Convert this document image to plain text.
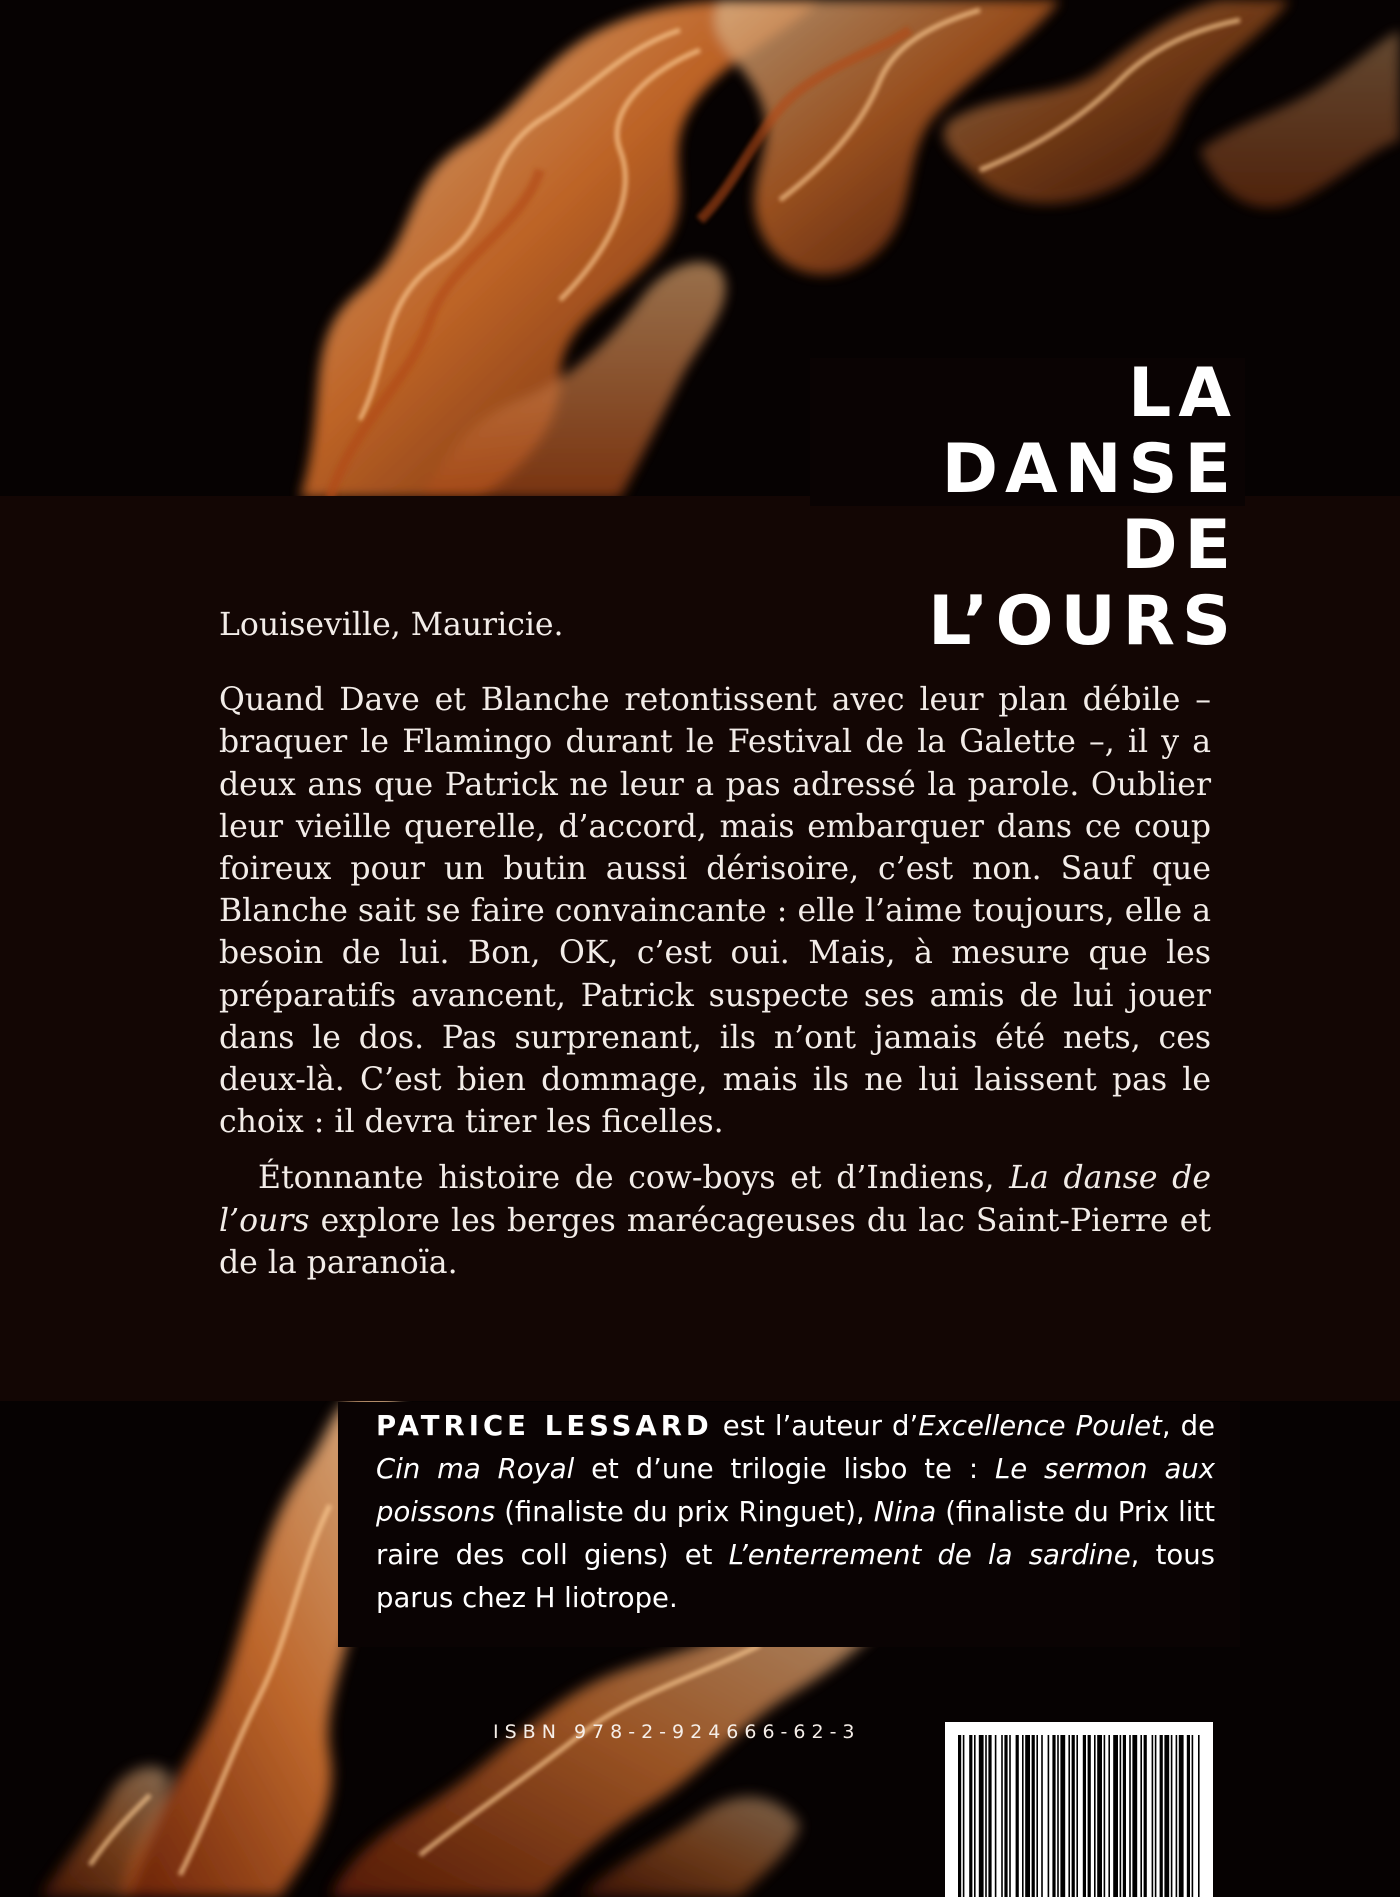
LA DANSE
DE L’OURS

Louiseville, Mauricie.

Quand Dave et Blanche retontissent avec leur plan débile – braquer le Flamingo durant le Festival de la Galette –, il y a deux ans que Patrick ne leur a pas adressé la parole. Oublier leur vieille querelle, d’accord, mais embarquer dans ce coup foireux pour un butin aussi dérisoire, c’est non. Sauf que Blanche sait se faire convaincante : elle l’aime toujours, elle a besoin de lui. Bon, OK, c’est oui. Mais, à mesure que les préparatifs avancent, Patrick suspecte ses amis de lui jouer dans le dos. Pas surprenant, ils n’ont jamais été nets, ces deux-là. C’est bien dommage, mais ils ne lui laissent pas le choix : il devra tirer les ficelles.

Étonnante histoire de cow-boys et d’Indiens, La danse de l’ours explore les berges marécageuses du lac Saint-Pierre et de la paranoïa.

PATRICE LESSARD est l’auteur d’Excellence Poulet, de Cin ma Royal et d’une trilogie lisbo te : Le sermon aux poissons (finaliste du prix Ringuet), Nina (finaliste du Prix litt raire des coll giens) et L’enterrement de la sardine, tous parus chez H liotrope.

ISBN 978-2-924666-62-3
